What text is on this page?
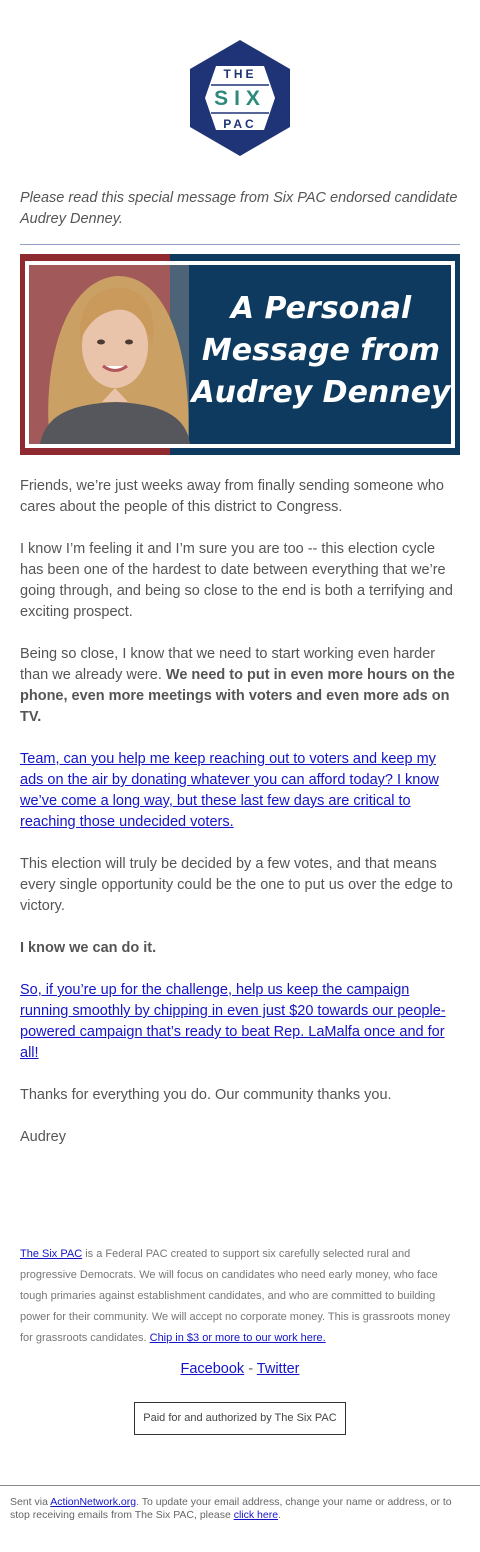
THE
SIX
PAC

Please read this special message from Six PAC endorsed candidate Audrey Denney.

A Personal
Message from
Audrey Denney

Friends, we’re just weeks away from finally sending someone who cares about the people of this district to Congress.

I know I’m feeling it and I’m sure you are too -- this election cycle has been one of the hardest to date between everything that we’re going through, and being so close to the end is both a terrifying and exciting prospect.

Being so close, I know that we need to start working even harder than we already were. We need to put in even more hours on the phone, even more meetings with voters and even more ads on TV.

Team, can you help me keep reaching out to voters and keep my ads on the air by donating whatever you can afford today? I know we’ve come a long way, but these last few days are critical to reaching those undecided voters.

This election will truly be decided by a few votes, and that means every single opportunity could be the one to put us over the edge to victory.

I know we can do it.

So, if you’re up for the challenge, help us keep the campaign running smoothly by chipping in even just $20 towards our people-powered campaign that’s ready to beat Rep. LaMalfa once and for all!

Thanks for everything you do. Our community thanks you.

Audrey

The Six PAC is a Federal PAC created to support six carefully selected rural and progressive Democrats. We will focus on candidates who need early money, who face tough primaries against establishment candidates, and who are committed to building power for their community. We will accept no corporate money. This is grassroots money for grassroots candidates. Chip in $3 or more to our work here.

Facebook - Twitter
Paid for and authorized by The Six PAC

Sent via ActionNetwork.org. To update your email address, change your name or address, or to stop receiving emails from The Six PAC, please click here.
